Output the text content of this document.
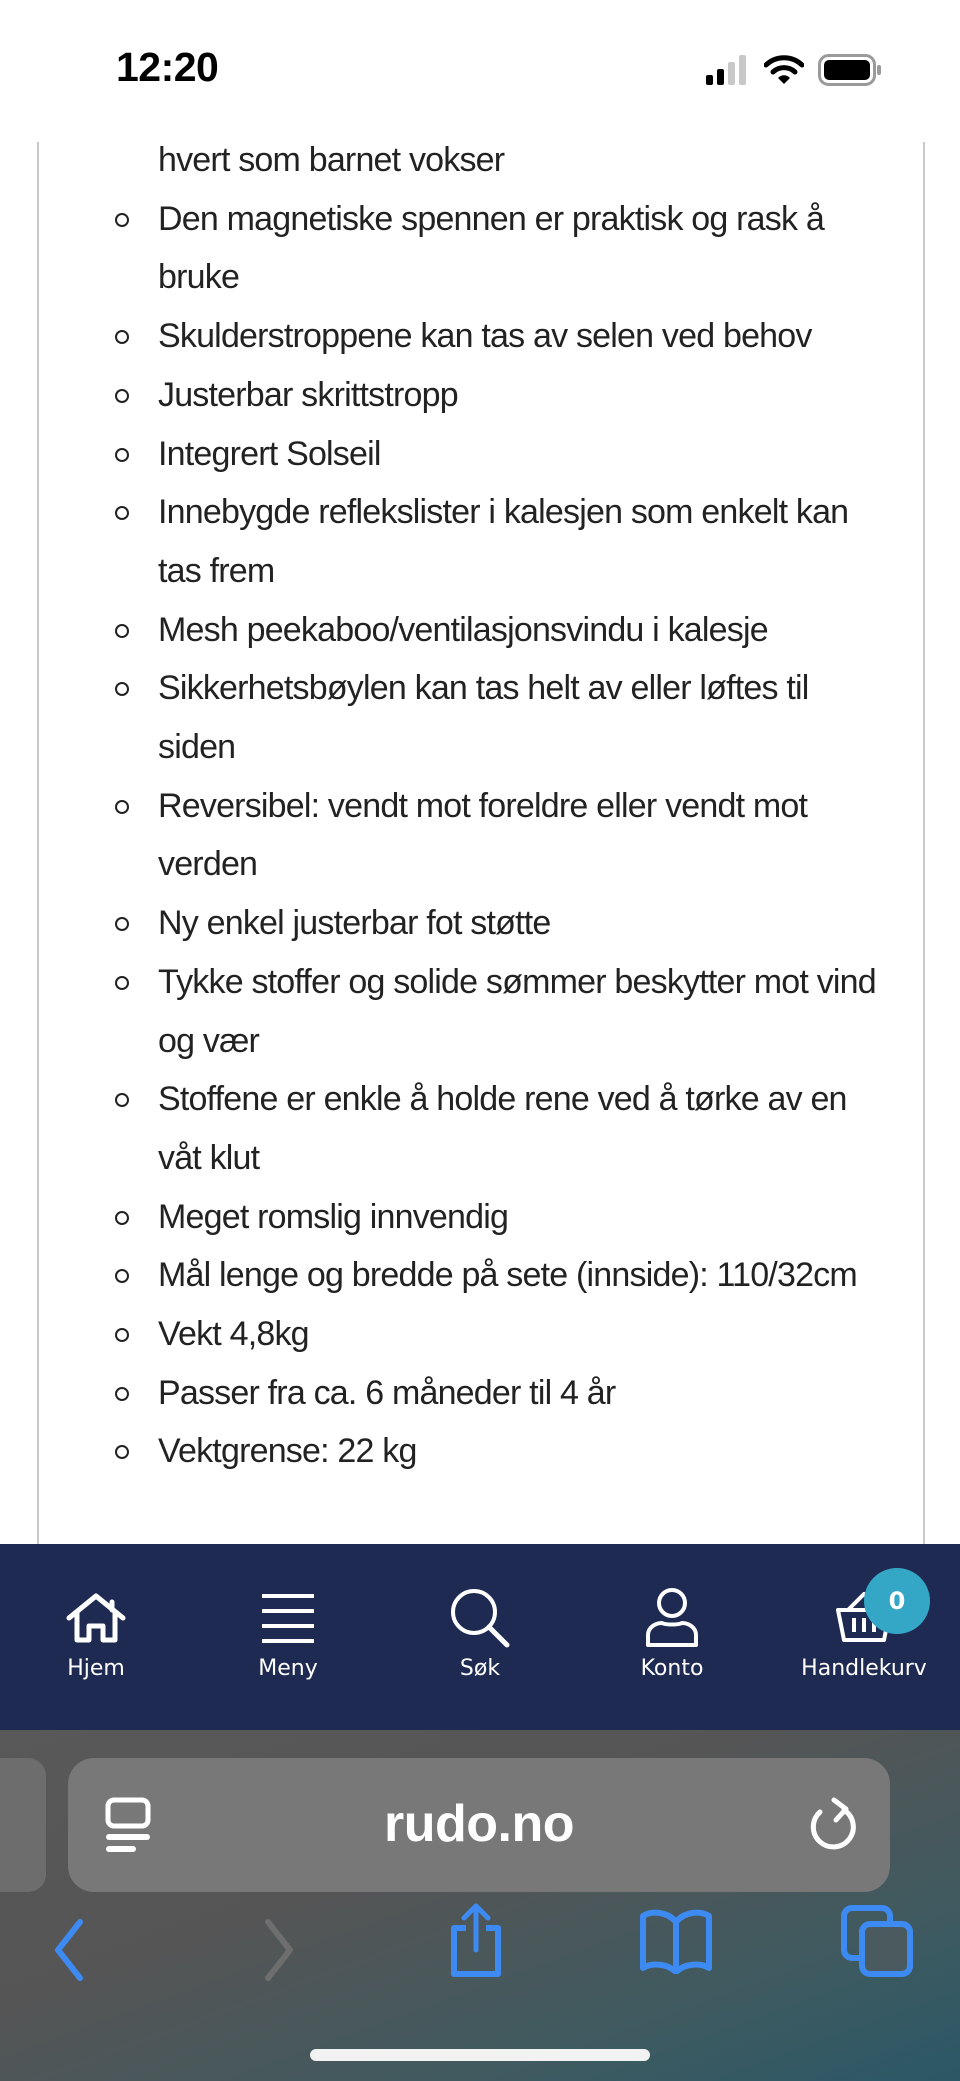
12:20
hvert som barnet vokser
Den magnetiske spennen er praktisk og rask å bruke
Skulderstroppene kan tas av selen ved behov
Justerbar skrittstropp
Integrert Solseil
Innebygde reflekslister i kalesjen som enkelt kan tas frem
Mesh peekaboo/ventilasjonsvindu i kalesje
Sikkerhetsbøylen kan tas helt av eller løftes til siden
Reversibel: vendt mot foreldre eller vendt mot verden
Ny enkel justerbar fot støtte
Tykke stoffer og solide sømmer beskytter mot vind og vær
Stoffene er enkle å holde rene ved å tørke av en våt klut
Meget romslig innvendig
Mål lenge og bredde på sete (innside): 110/32cm
Vekt 4,8kg
Passer fra ca. 6 måneder til 4 år
Vektgrense: 22 kg
Hjem	Meny	Søk	Konto
0
Handlekurv
rudo.no
